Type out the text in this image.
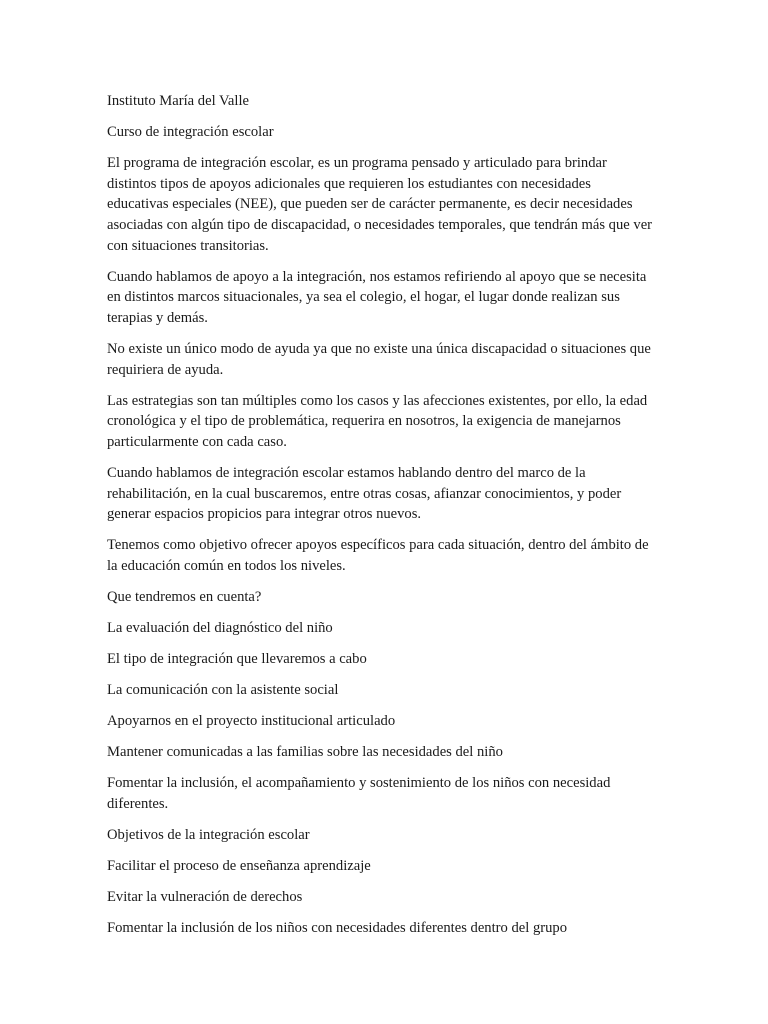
Instituto María del Valle

Curso de integración escolar

El programa de integración escolar, es un programa pensado y articulado para brindar distintos tipos de apoyos adicionales que requieren los estudiantes con necesidades educativas especiales (NEE), que pueden ser de carácter permanente, es decir necesidades asociadas con algún tipo de discapacidad, o necesidades temporales, que tendrán más que ver con situaciones transitorias.

Cuando hablamos de apoyo a la integración, nos estamos refiriendo al apoyo que se necesita en distintos marcos situacionales, ya sea el colegio, el hogar, el lugar donde realizan sus terapias y demás.

No existe un único modo de ayuda ya que no existe una única discapacidad o situaciones que requiriera de ayuda.

Las estrategias son tan múltiples como los casos y las afecciones existentes, por ello, la edad cronológica y el tipo de problemática, requerira en nosotros, la exigencia de manejarnos particularmente con cada caso.

Cuando hablamos de integración escolar estamos hablando dentro del marco de la rehabilitación, en la cual buscaremos, entre otras cosas, afianzar conocimientos, y poder generar espacios propicios para integrar otros nuevos.

Tenemos como objetivo ofrecer apoyos específicos para cada situación, dentro del ámbito de la educación común en todos los niveles.

Que tendremos en cuenta?

La evaluación del diagnóstico del niño

El tipo de integración que llevaremos a cabo

La comunicación con la asistente social

Apoyarnos en el proyecto institucional articulado

Mantener comunicadas a las familias sobre las necesidades del niño

Fomentar la inclusión, el acompañamiento y sostenimiento de los niños con necesidad diferentes.

Objetivos de la integración escolar

Facilitar el proceso de enseñanza aprendizaje

Evitar la vulneración de derechos

Fomentar la inclusión de los niños con necesidades diferentes dentro del grupo
